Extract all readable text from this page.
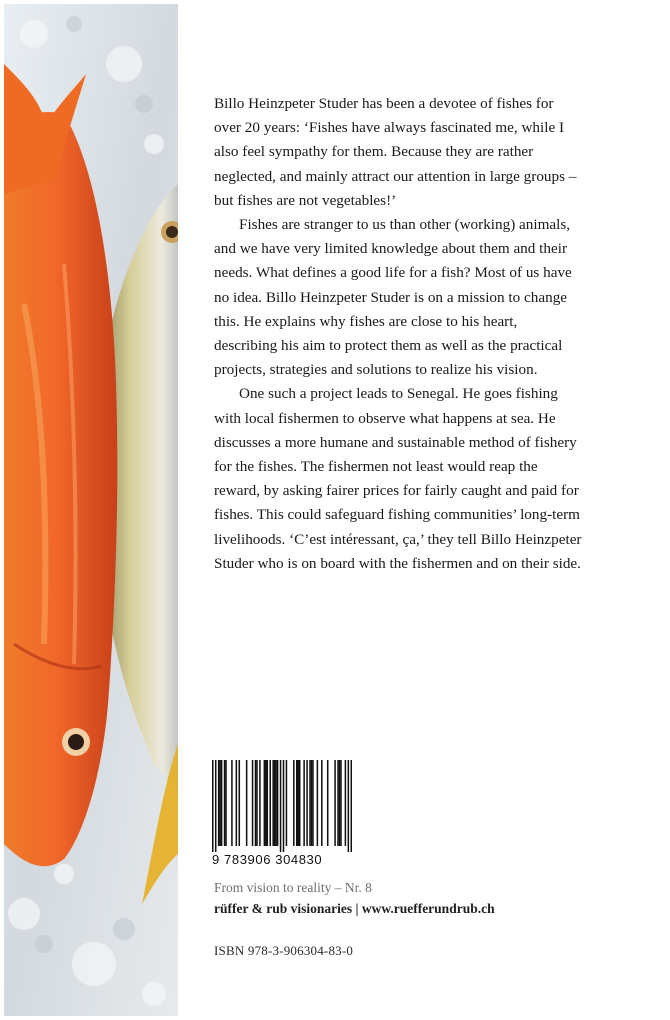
Billo Heinzpeter Studer has been a devotee of fishes for over 20 years: ‘Fishes have always fascinated me, while I also feel sympathy for them. Because they are rather neglected, and mainly attract our attention in large groups – but fishes are not vegetables!’

Fishes are stranger to us than other (working) animals, and we have very limited knowledge about them and their needs. What defines a good life for a fish? Most of us have no idea. Billo Heinzpeter Studer is on a mission to change this. He explains why fishes are close to his heart, describing his aim to protect them as well as the practical projects, strategies and solutions to realize his vision.

One such a project leads to Senegal. He goes fishing with local fishermen to observe what happens at sea. He discusses a more humane and sustainable method of fishery for the fishes. The fishermen not least would reap the reward, by asking fairer prices for fairly caught and paid for fishes. This could safeguard fishing communities’ long-term livelihoods. ‘C’est intéressant, ça,’ they tell Billo Heinzpeter Studer who is on board with the fishermen and on their side.

9 783906 304830
From vision to reality – Nr. 8
rüffer & rub visionaries | www.ruefferundrub.ch
ISBN 978-3-906304-83-0
